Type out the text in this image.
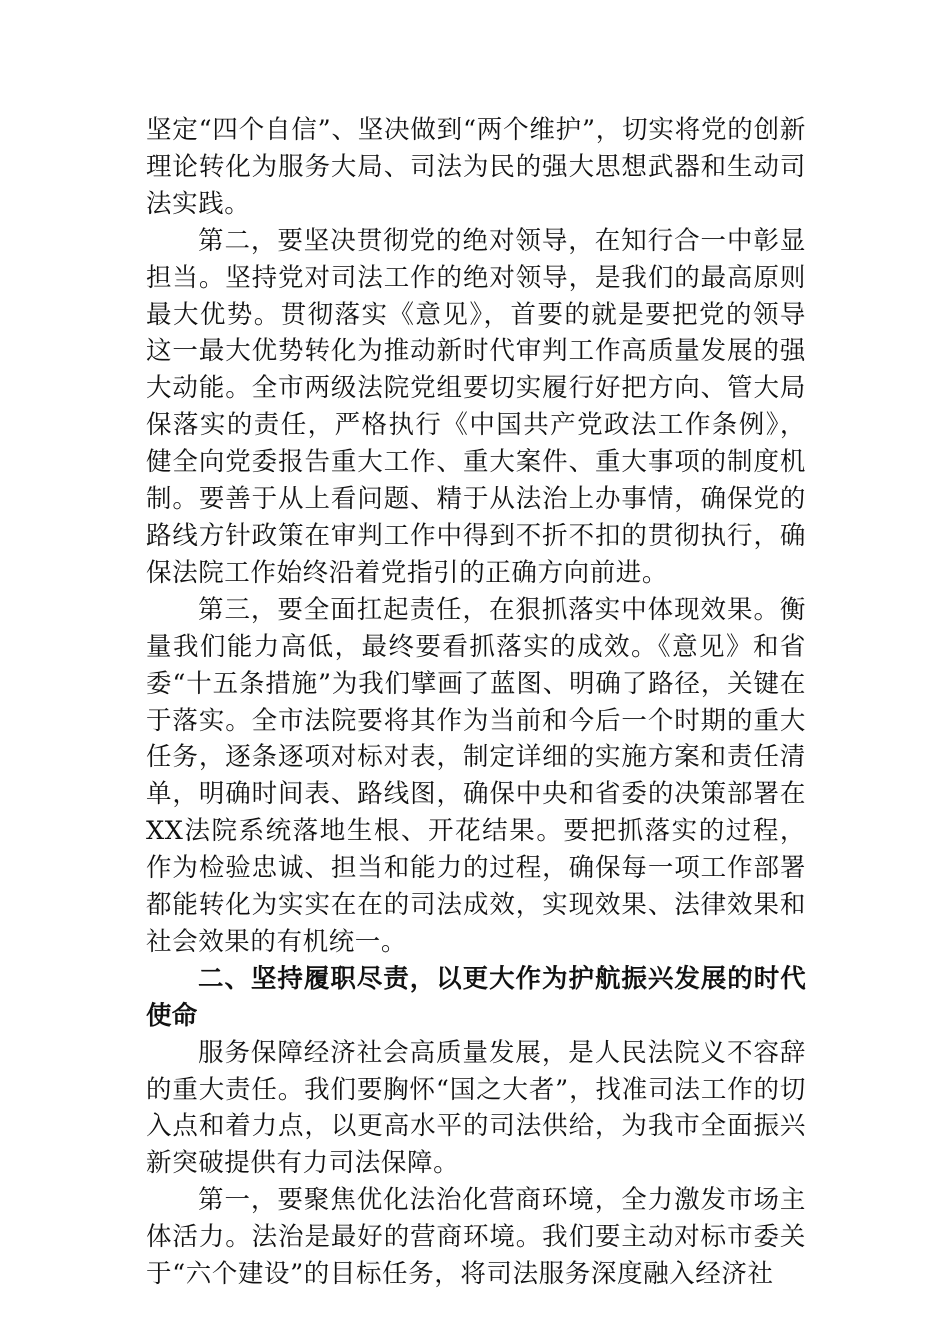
坚定“四个自信”、坚决做到“两个维护”，切实将党的创新理论转化为服务大局、司法为民的强大思想武器和生动司法实践。

第二，要坚决贯彻党的绝对领导，在知行合一中彰显担当。坚持党对司法工作的绝对领导，是我们的最高原则最大优势。贯彻落实《意见》，首要的就是要把党的领导这一最大优势转化为推动新时代审判工作高质量发展的强大动能。全市两级法院党组要切实履行好把方向、管大局保落实的责任，严格执行《中国共产党政法工作条例》，健全向党委报告重大工作、重大案件、重大事项的制度机制。要善于从上看问题、精于从法治上办事情，确保党的路线方针政策在审判工作中得到不折不扣的贯彻执行，确保法院工作始终沿着党指引的正确方向前进。

第三，要全面扛起责任，在狠抓落实中体现效果。衡量我们能力高低，最终要看抓落实的成效。《意见》和省委“十五条措施”为我们擘画了蓝图、明确了路径，关键在于落实。全市法院要将其作为当前和今后一个时期的重大任务，逐条逐项对标对表，制定详细的实施方案和责任清单，明确时间表、路线图，确保中央和省委的决策部署在XX法院系统落地生根、开花结果。要把抓落实的过程，作为检验忠诚、担当和能力的过程，确保每一项工作部署都能转化为实实在在的司法成效，实现效果、法律效果和社会效果的有机统一。

二、坚持履职尽责，以更大作为护航振兴发展的时代使命

服务保障经济社会高质量发展，是人民法院义不容辞的重大责任。我们要胸怀“国之大者”，找准司法工作的切入点和着力点，以更高水平的司法供给，为我市全面振兴新突破提供有力司法保障。

第一，要聚焦优化法治化营商环境，全力激发市场主体活力。法治是最好的营商环境。我们要主动对标市委关于“六个建设”的目标任务，将司法服务深度融入经济社
